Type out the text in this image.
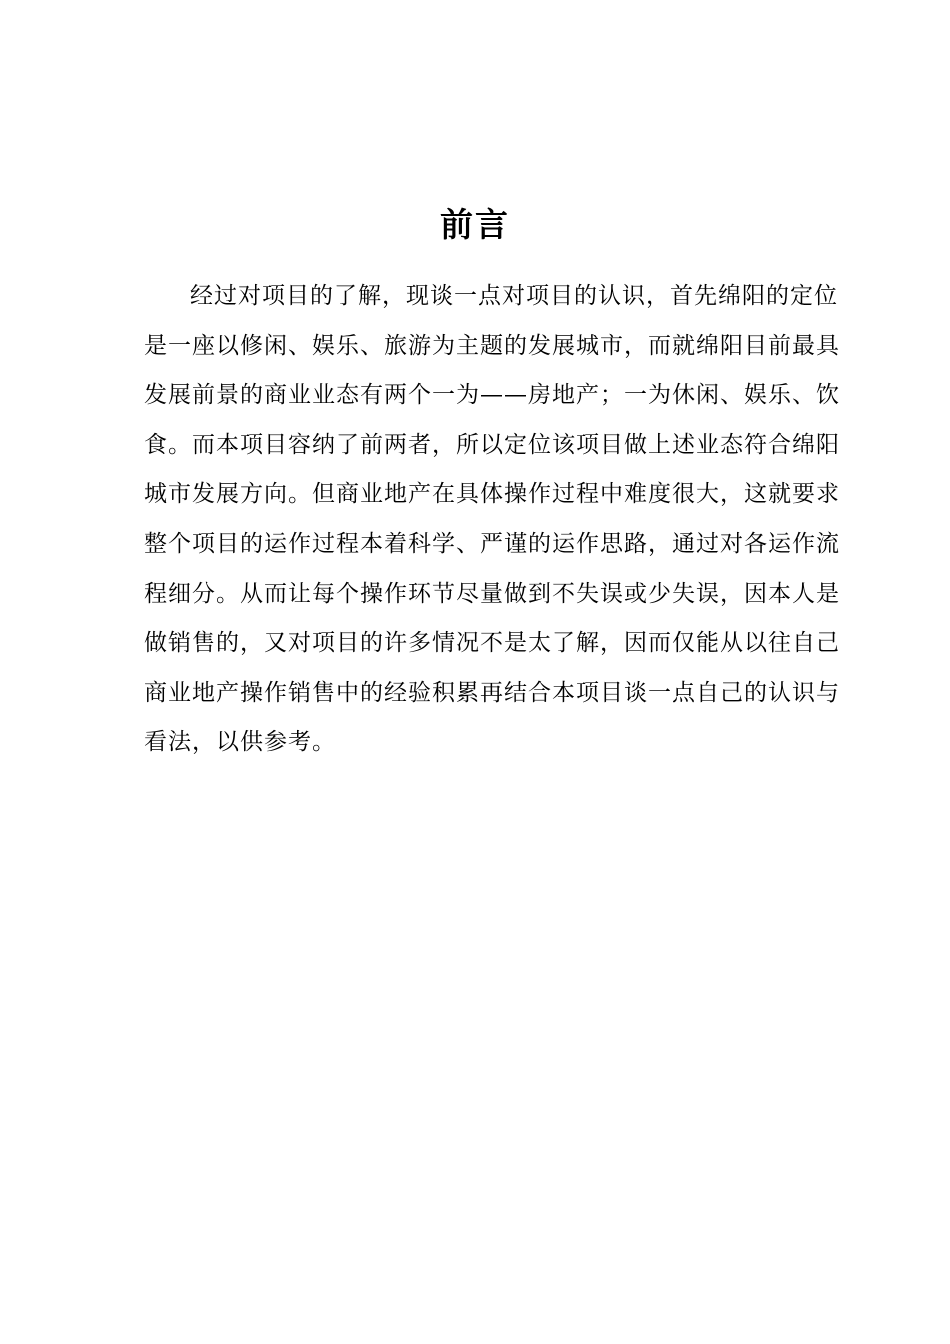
前言
经过对项目的了解，现谈一点对项目的认识，首先绵阳的定位
是一座以修闲、娱乐、旅游为主题的发展城市，而就绵阳目前最具
发展前景的商业业态有两个一为——房地产；一为休闲、娱乐、饮
食。而本项目容纳了前两者，所以定位该项目做上述业态符合绵阳
城市发展方向。但商业地产在具体操作过程中难度很大，这就要求
整个项目的运作过程本着科学、严谨的运作思路，通过对各运作流
程细分。从而让每个操作环节尽量做到不失误或少失误，因本人是
做销售的，又对项目的许多情况不是太了解，因而仅能从以往自己
商业地产操作销售中的经验积累再结合本项目谈一点自己的认识与
看法，以供参考。
